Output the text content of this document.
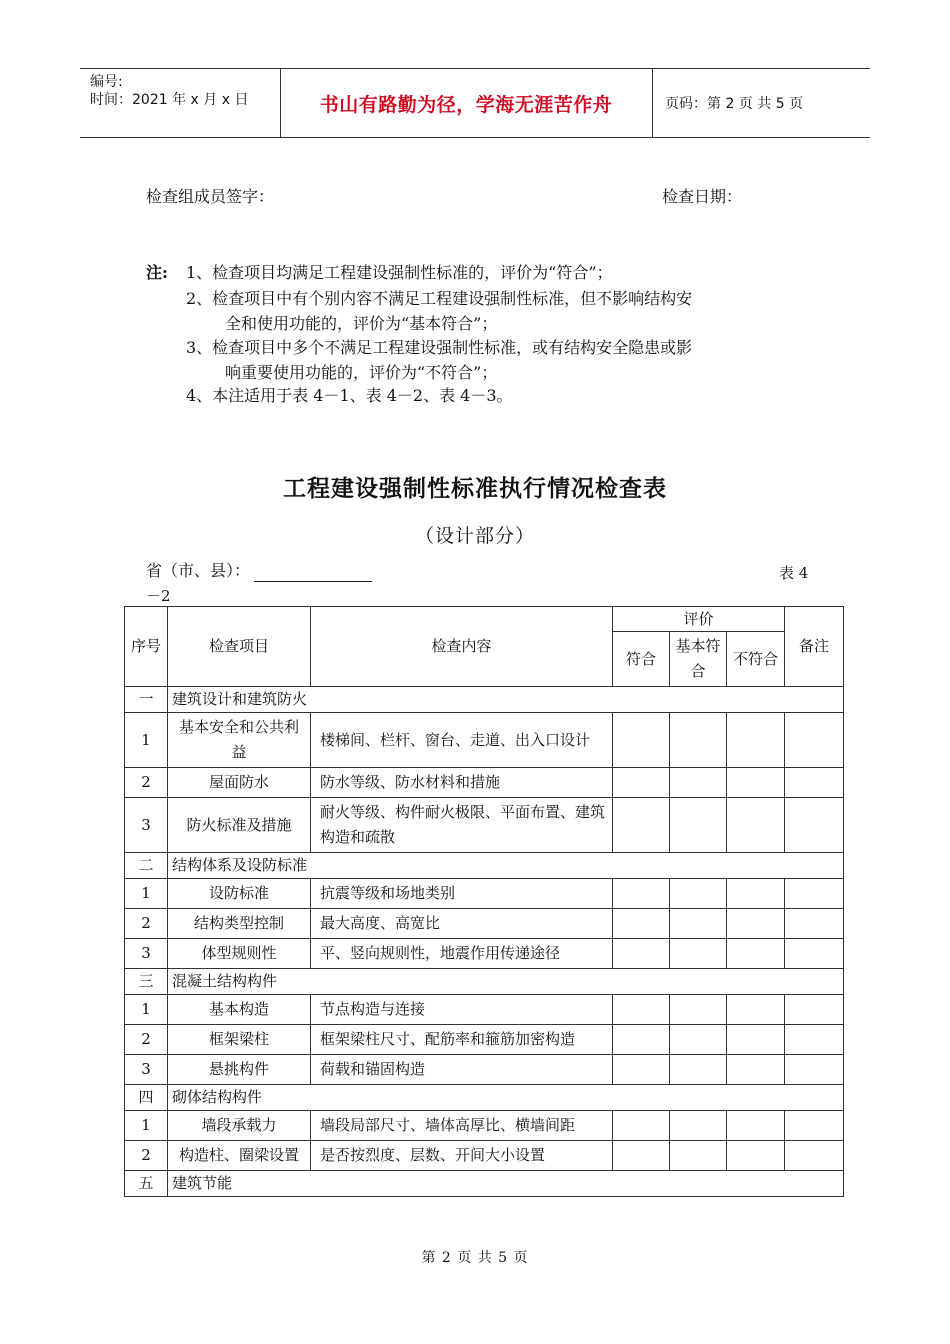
编号:
时间：2021 年 x 月 x 日	书山有路勤为径，学海无涯苦作舟	页码：第 2 页 共 5 页
检查组成员签字：	检查日期：
注: 1、检查项目均满足工程建设强制性标准的，评价为“符合”；
2、检查项目中有个别内容不满足工程建设强制性标准，但不影响结构安
全和使用功能的，评价为“基本符合”；
3、检查项目中多个不满足工程建设强制性标准，或有结构安全隐患或影
响重要使用功能的，评价为“不符合”；
4、本注适用于表 4－1、表 4－2、表 4－3。
工程建设强制性标准执行情况检查表
（设计部分）
省（市、县）：	表 4
－2
序号	检查项目	检查内容	评价			备注
			符合	基本符合	不符合	
一	建筑设计和建筑防火					
1	基本安全和公共利益	楼梯间、栏杆、窗台、走道、出入口设计				
2	屋面防水	防水等级、防水材料和措施				
3	防火标准及措施	耐火等级、构件耐火极限、平面布置、建筑构造和疏散				
二	结构体系及设防标准					
1	设防标准	抗震等级和场地类别				
2	结构类型控制	最大高度、高宽比				
3	体型规则性	平、竖向规则性，地震作用传递途径				
三	混凝土结构构件					
1	基本构造	节点构造与连接				
2	框架梁柱	框架梁柱尺寸、配筋率和箍筋加密构造				
3	悬挑构件	荷载和锚固构造				
四	砌体结构构件					
1	墙段承载力	墙段局部尺寸、墙体高厚比、横墙间距				
2	构造柱、圈梁设置	是否按烈度、层数、开间大小设置				
五	建筑节能					
第 2 页 共 5 页
